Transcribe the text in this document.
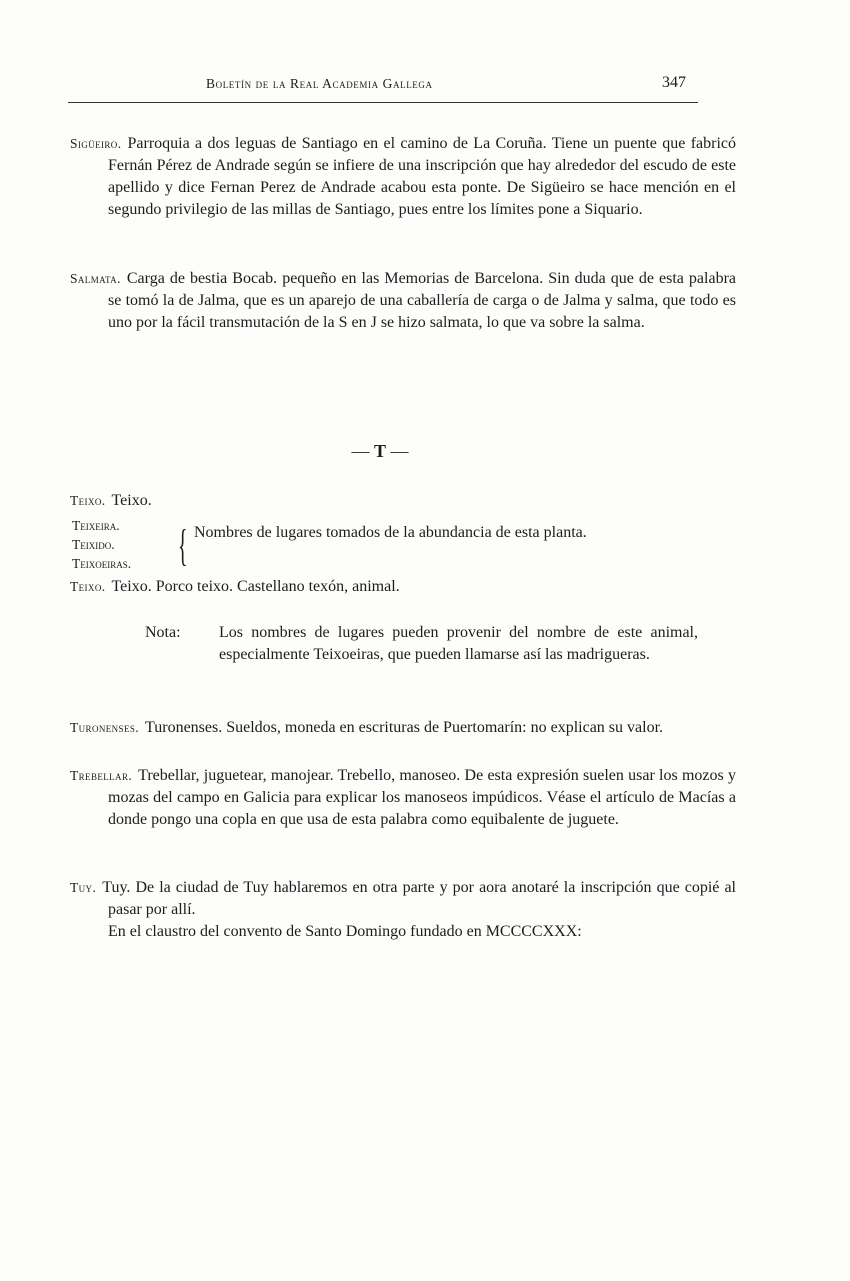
Boletín de la Real Academia Gallega	347
Sigüeiro. Parroquia a dos leguas de Santiago en el camino de La Coruña. Tiene un puente que fabricó Fernán Pérez de Andrade según se infiere de una inscripción que hay alrededor del escudo de este apellido y dice Fernan Perez de Andrade acabou esta ponte. De Sigüeiro se hace mención en el segundo privilegio de las millas de Santiago, pues entre los límites pone a Siquario.
Salmata. Carga de bestia Bocab. pequeño en las Memorias de Barcelona. Sin duda que de esta palabra se tomó la de Jalma, que es un aparejo de una caballería de carga o de Jalma y salma, que todo es uno por la fácil transmutación de la S en J se hizo salmata, lo que va sobre la salma.
— T —
Teixo. Teixo.
Teixeira.
Teixido.
Teixoeiras. { Nombres de lugares tomados de la abundancia de esta planta.
Teixo. Teixo. Porco teixo. Castellano texón, animal.
Nota: Los nombres de lugares pueden provenir del nombre de este animal, especialmente Teixoeiras, que pueden llamarse así las madrigueras.
Turonenses. Turonenses. Sueldos, moneda en escrituras de Puertomarín: no explican su valor.
Trebellar. Trebellar, juguetear, manojear. Trebello, manoseo. De esta expresión suelen usar los mozos y mozas del campo en Galicia para explicar los manoseos impúdicos. Véase el artículo de Macías a donde pongo una copla en que usa de esta palabra como equibalente de juguete.
Tuy. Tuy. De la ciudad de Tuy hablaremos en otra parte y por aora anotaré la inscripción que copié al pasar por allí.
En el claustro del convento de Santo Domingo fundado en MCCCCXXX:
